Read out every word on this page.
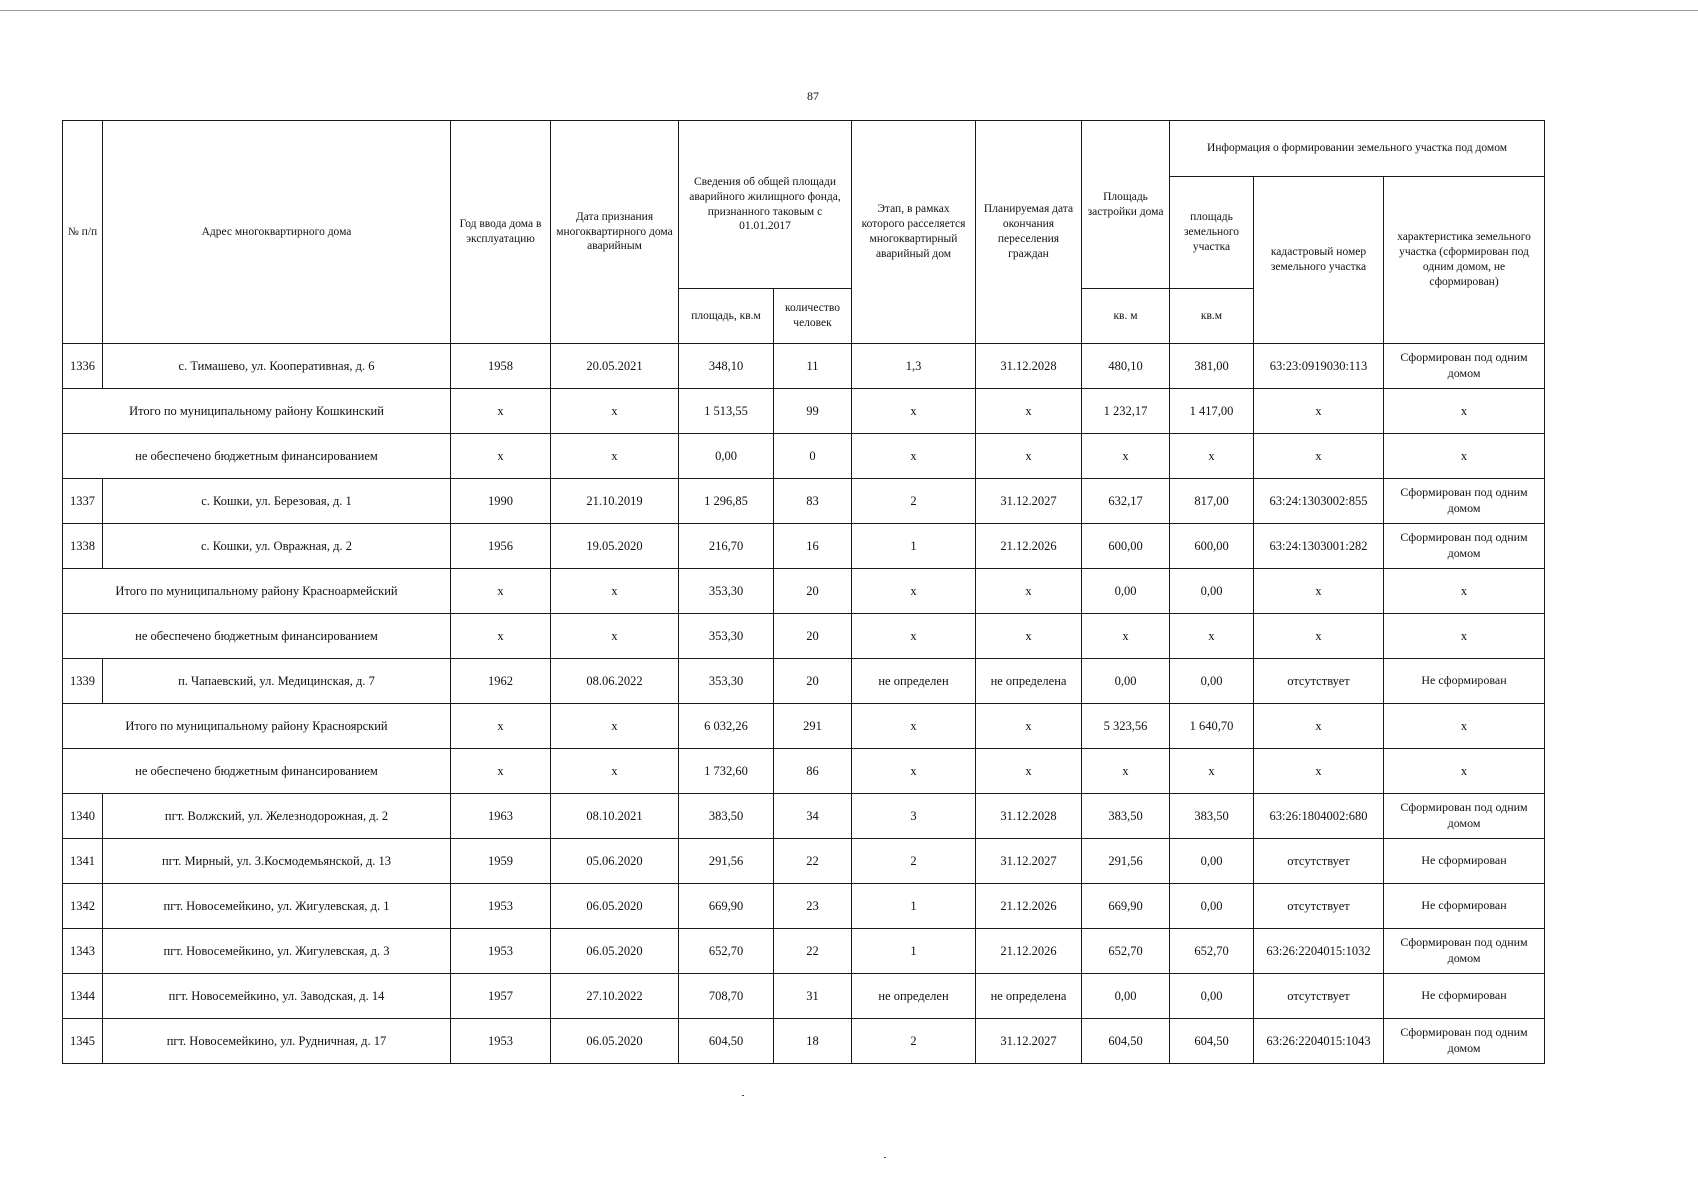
87
№ п/п	Адрес многоквартирного дома	Год ввода дома в эксплуатацию	Дата признания многоквартирного дома аварийным	Сведения об общей площади аварийного жилищного фонда, признанного таковым с 01.01.2017		Этап, в рамках которого расселяется многоквартирный аварийный дом	Планируемая дата окончания переселения граждан	Площадь застройки дома	Информация о формировании земельного участка под домом		
									площадь земельного участка	кадастровый номер земельного участка	характеристика земельного участка (сформирован под одним домом, не сформирован)
				площадь, кв.м	количество человек			кв. м	кв.м		
1336	с. Тимашево, ул. Кооперативная, д. 6	1958	20.05.2021	348,10	11	1,3	31.12.2028	480,10	381,00	63:23:0919030:113	Сформирован под одним домом
Итого по муниципальному району Кошкинский		x	x	1 513,55	99	x	x	1 232,17	1 417,00	x	x
не обеспечено бюджетным финансированием		x	x	0,00	0	x	x	x	x	x	x
1337	с. Кошки, ул. Березовая, д. 1	1990	21.10.2019	1 296,85	83	2	31.12.2027	632,17	817,00	63:24:1303002:855	Сформирован под одним домом
1338	с. Кошки, ул. Овражная, д. 2	1956	19.05.2020	216,70	16	1	21.12.2026	600,00	600,00	63:24:1303001:282	Сформирован под одним домом
Итого по муниципальному району Красноармейский		x	x	353,30	20	x	x	0,00	0,00	x	x
не обеспечено бюджетным финансированием		x	x	353,30	20	x	x	x	x	x	x
1339	п. Чапаевский, ул. Медицинская, д. 7	1962	08.06.2022	353,30	20	не определен	не определена	0,00	0,00	отсутствует	Не сформирован
Итого по муниципальному району Красноярский		x	x	6 032,26	291	x	x	5 323,56	1 640,70	x	x
не обеспечено бюджетным финансированием		x	x	1 732,60	86	x	x	x	x	x	x
1340	пгт. Волжский, ул. Железнодорожная, д. 2	1963	08.10.2021	383,50	34	3	31.12.2028	383,50	383,50	63:26:1804002:680	Сформирован под одним домом
1341	пгт. Мирный, ул. З.Космодемьянской, д. 13	1959	05.06.2020	291,56	22	2	31.12.2027	291,56	0,00	отсутствует	Не сформирован
1342	пгт. Новосемейкино, ул. Жигулевская, д. 1	1953	06.05.2020	669,90	23	1	21.12.2026	669,90	0,00	отсутствует	Не сформирован
1343	пгт. Новосемейкино, ул. Жигулевская, д. 3	1953	06.05.2020	652,70	22	1	21.12.2026	652,70	652,70	63:26:2204015:1032	Сформирован под одним домом
1344	пгт. Новосемейкино, ул. Заводская, д. 14	1957	27.10.2022	708,70	31	не определен	не определена	0,00	0,00	отсутствует	Не сформирован
1345	пгт. Новосемейкино, ул. Рудничная, д. 17	1953	06.05.2020	604,50	18	2	31.12.2027	604,50	604,50	63:26:2204015:1043	Сформирован под одним домом
